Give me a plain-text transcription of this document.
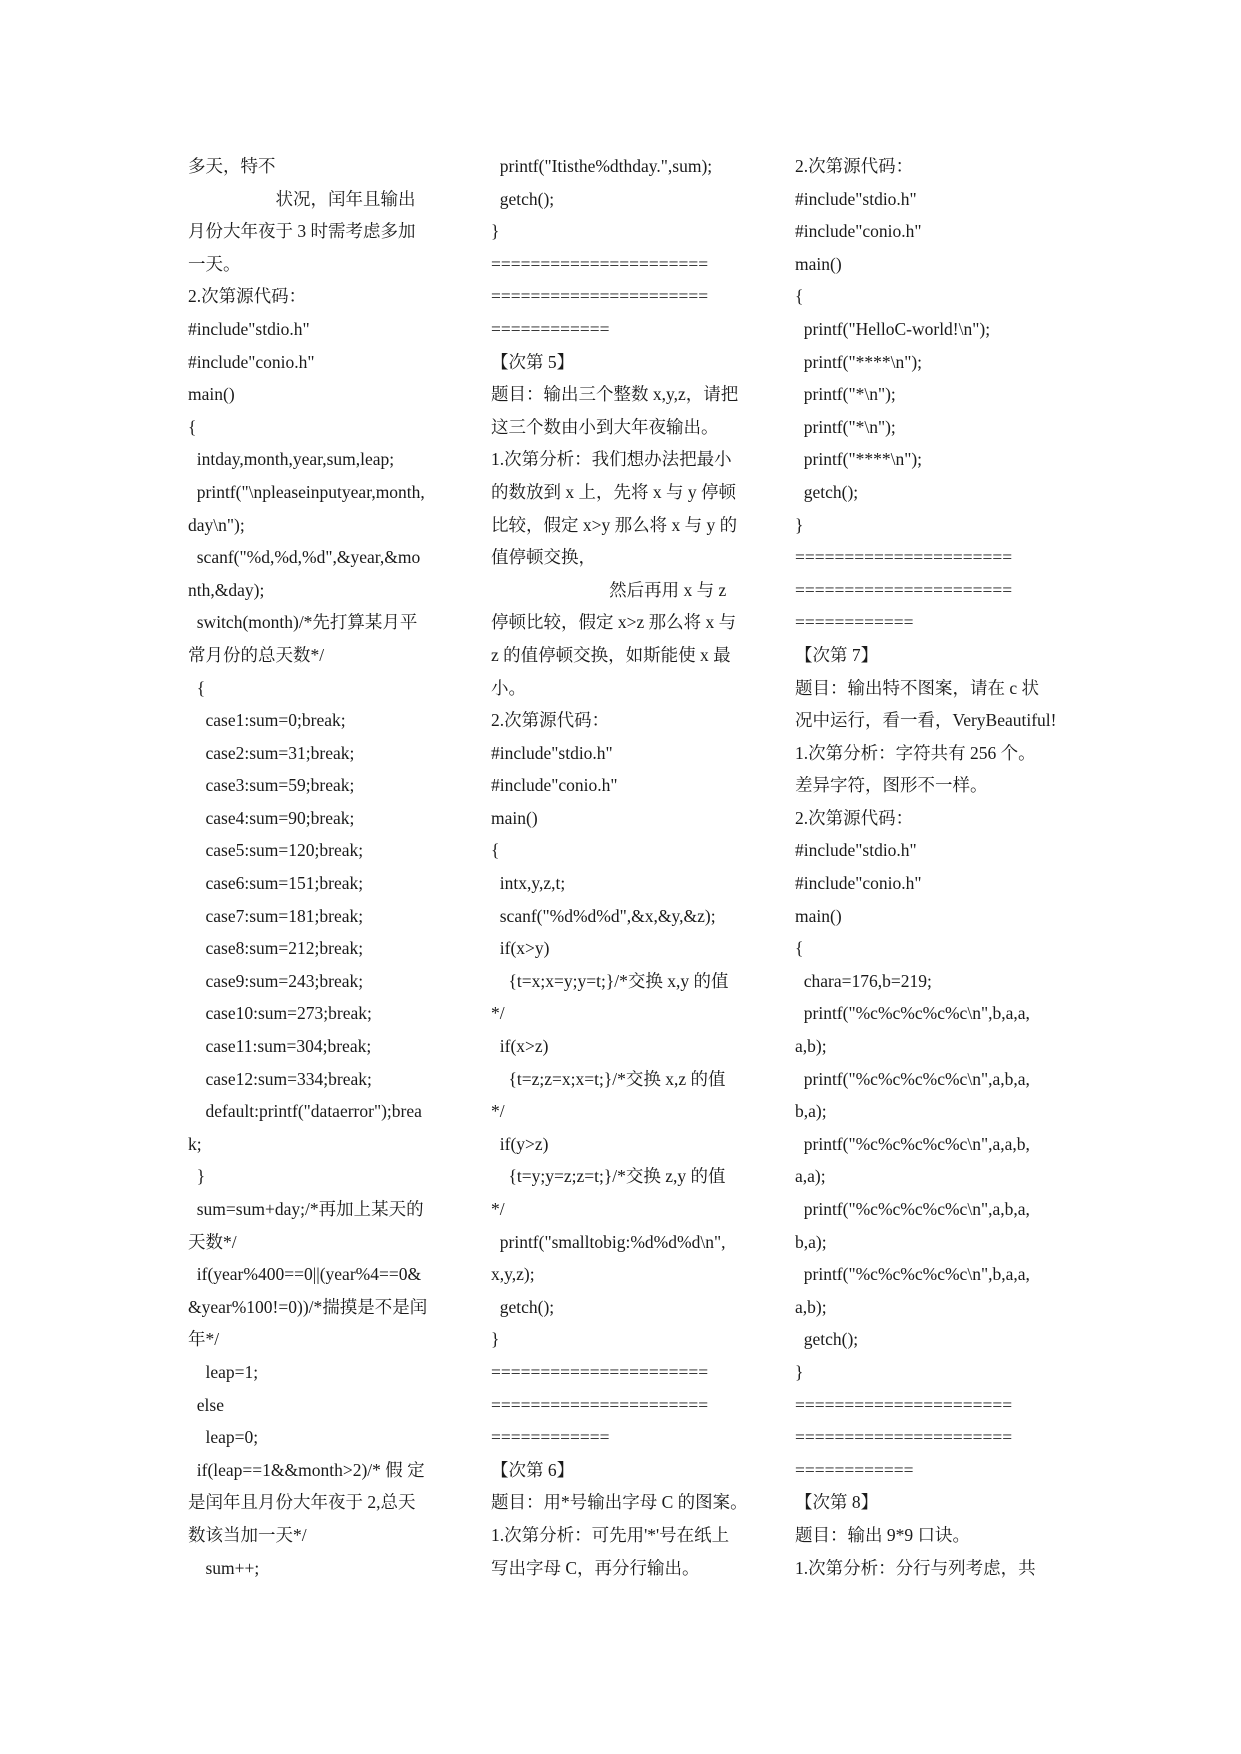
多天，特不
状况，闰年且输出
月份大年夜于 3 时需考虑多加
一天。
2.次第源代码：
#include"stdio.h"
#include"conio.h"
main()
{
intday,month,year,sum,leap;
printf("\npleaseinputyear,month,
day\n");
scanf("%d,%d,%d",&year,&mo
nth,&day);
switch(month)/*先打算某月平
常月份的总天数*/
{
case1:sum=0;break;
case2:sum=31;break;
case3:sum=59;break;
case4:sum=90;break;
case5:sum=120;break;
case6:sum=151;break;
case7:sum=181;break;
case8:sum=212;break;
case9:sum=243;break;
case10:sum=273;break;
case11:sum=304;break;
case12:sum=334;break;
default:printf("dataerror");brea
k;
}
sum=sum+day;/*再加上某天的
天数*/
if(year%400==0||(year%4==0&
&year%100!=0))/*揣摸是不是闰
年*/
leap=1;
else
leap=0;
if(leap==1&&month>2)/* 假 定
是闰年且月份大年夜于 2,总天
数该当加一天*/
sum++;
printf("Itisthe%dthday.",sum);
getch();
}
======================
======================
============
【次第 5】
题目：输出三个整数 x,y,z，请把
这三个数由小到大年夜输出。
1.次第分析：我们想办法把最小
的数放到 x 上，先将 x 与 y 停顿
比较，假定 x>y 那么将 x 与 y 的
值停顿交换，
然后再用 x 与 z
停顿比较，假定 x>z 那么将 x 与
z 的值停顿交换，如斯能使 x 最
小。
2.次第源代码：
#include"stdio.h"
#include"conio.h"
main()
{
intx,y,z,t;
scanf("%d%d%d",&x,&y,&z);
if(x>y)
{t=x;x=y;y=t;}/*交换 x,y 的值
*/
if(x>z)
{t=z;z=x;x=t;}/*交换 x,z 的值
*/
if(y>z)
{t=y;y=z;z=t;}/*交换 z,y 的值
*/
printf("smalltobig:%d%d%d\n",
x,y,z);
getch();
}
======================
======================
============
【次第 6】
题目：用*号输出字母 C 的图案。
1.次第分析：可先用'*'号在纸上
写出字母 C，再分行输出。
2.次第源代码：
#include"stdio.h"
#include"conio.h"
main()
{
printf("HelloC-world!\n");
printf("****\n");
printf("*\n");
printf("*\n");
printf("****\n");
getch();
}
======================
======================
============
【次第 7】
题目：输出特不图案，请在 c 状
况中运行，看一看，VeryBeautiful!
1.次第分析：字符共有 256 个。
差异字符，图形不一样。
2.次第源代码：
#include"stdio.h"
#include"conio.h"
main()
{
chara=176,b=219;
printf("%c%c%c%c%c\n",b,a,a,
a,b);
printf("%c%c%c%c%c\n",a,b,a,
b,a);
printf("%c%c%c%c%c\n",a,a,b,
a,a);
printf("%c%c%c%c%c\n",a,b,a,
b,a);
printf("%c%c%c%c%c\n",b,a,a,
a,b);
getch();
}
======================
======================
============
【次第 8】
题目：输出 9*9 口诀。
1.次第分析：分行与列考虑，共
